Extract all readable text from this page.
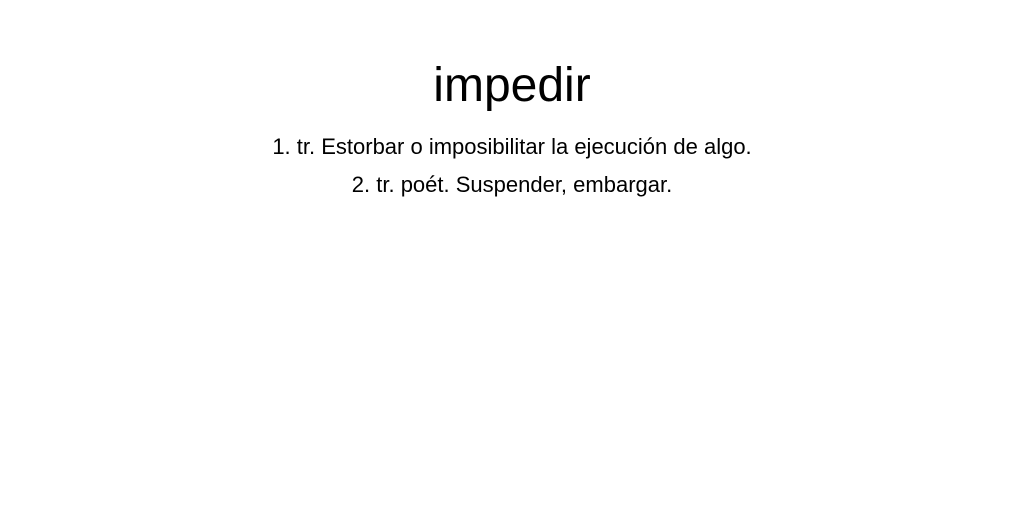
impedir
1. tr. Estorbar o imposibilitar la ejecución de algo.
2. tr. poét. Suspender, embargar.
